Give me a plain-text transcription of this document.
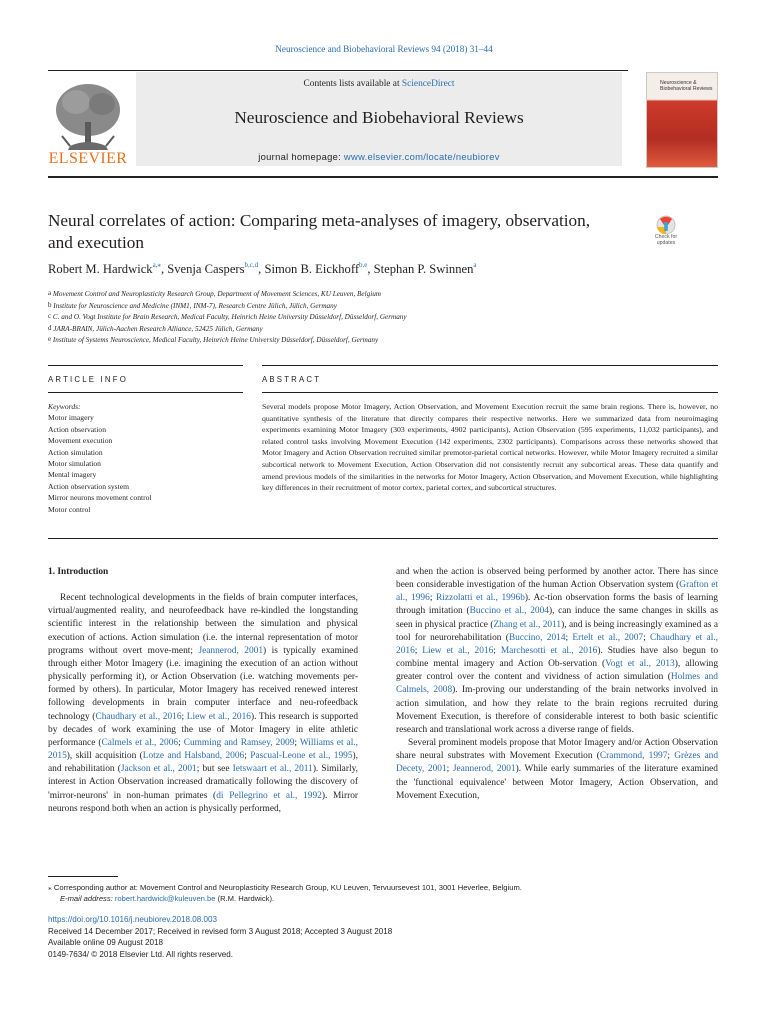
Neuroscience and Biobehavioral Reviews 94 (2018) 31–44
ELSEVIER
Contents lists available at ScienceDirect
Neuroscience and Biobehavioral Reviews
journal homepage: www.elsevier.com/locate/neubiorev
Neuroscience & Biobehavioral Reviews
Neural correlates of action: Comparing meta-analyses of imagery, observation, and execution	Check for updates
Robert M. Hardwick$^{a,⁎}$, Svenja Caspers$^{b,c,d}$, Simon B. Eickhoff$^{b,e}$, Stephan P. Swinnen$^a$
$^a$ Movement Control and Neuroplasticity Research Group, Department of Movement Sciences, KU Leuven, Belgium
$^b$ Institute for Neuroscience and Medicine (INM1, INM-7), Research Centre Jülich, Jülich, Germany
$^c$ C. and O. Vogt Institute for Brain Research, Medical Faculty, Heinrich Heine University Düsseldorf, Düsseldorf, Germany
$^d$ JARA-BRAIN, Jülich-Aachen Research Alliance, 52425 Jülich, Germany
$^e$ Institute of Systems Neuroscience, Medical Faculty, Heinrich Heine University Düsseldorf, Düsseldorf, Germany
ARTICLE INFO	ABSTRACT
Keywords:
Motor imagery
Action observation
Movement execution
Action simulation
Motor simulation
Mental imagery
Action observation system
Mirror neurons movement control
Motor control
Several models propose Motor Imagery, Action Observation, and Movement Execution recruit the same brain regions. There is, however, no quantitative synthesis of the literature that directly compares their respective networks. Here we summarized data from neuroimaging experiments examining Motor Imagery (303 experiments, 4902 participants), Action Observation (595 experiments, 11,032 participants), and related control tasks involving Movement Execution (142 experiments, 2302 participants). Comparisons across these networks showed that Motor Imagery and Action Observation recruited similar premotor-parietal cortical networks. However, while Motor Imagery recruited a similar subcortical network to Movement Execution, Action Observation did not consistently recruit any subcortical areas. These data quantify and amend previous models of the similarities in the networks for Motor Imagery, Action Observation, and Movement Execution, while highlighting key differences in their recruitment of motor cortex, parietal cortex, and subcortical structures.

1. Introduction

Recent technological developments in the fields of brain computer interfaces, virtual/augmented reality, and neurofeedback have re-kindled the longstanding scientific interest in the relationship between the simulation and physical execution of actions. Action simulation (i.e. the internal representation of motor programs without overt move-ment; Jeannerod, 2001) is typically examined through either Motor Imagery (i.e. imagining the execution of an action without physically performing it), or Action Observation (i.e. watching movements per-formed by others). In particular, Motor Imagery has received renewed interest following developments in brain computer interface and neu-rofeedback technology (Chaudhary et al., 2016; Liew et al., 2016). This research is supported by decades of work examining the use of Motor Imagery in elite athletic performance (Calmels et al., 2006; Cumming and Ramsey, 2009; Williams et al., 2015), skill acquisition (Lotze and Halsband, 2006; Pascual-Leone et al., 1995), and rehabilitation (Jackson et al., 2001; but see Ietswaart et al., 2011). Similarly, interest in Action Observation increased dramatically following the discovery of 'mirror-neurons' in non-human primates (di Pellegrino et al., 1992). Mirror neurons respond both when an action is physically performed,

and when the action is observed being performed by another actor. There has since been considerable investigation of the human Action Observation system (Grafton et al., 1996; Rizzolatti et al., 1996b). Ac-tion observation forms the basis of learning through imitation (Buccino et al., 2004), can induce the same changes in skills as seen in physical practice (Zhang et al., 2011), and is being increasingly examined as a tool for neurorehabilitation (Buccino, 2014; Ertelt et al., 2007; Chaudhary et al., 2016; Liew et al., 2016; Marchesotti et al., 2016). Studies have also begun to combine mental imagery and Action Ob-servation (Vogt et al., 2013), allowing greater control over the content and vividness of action simulation (Holmes and Calmels, 2008). Im-proving our understanding of the brain networks involved in action simulation, and how they relate to the brain regions recruited during Movement Execution, is therefore of considerable interest to both basic scientific research and translational work across a diverse range of fields.

Several prominent models propose that Motor Imagery and/or Action Observation share neural substrates with Movement Execution (Crammond, 1997; Grèzes and Decety, 2001; Jeannerod, 2001). While early summaries of the literature examined the 'functional equivalence' between Motor Imagery, Action Observation, and Movement Execution,

⁎ Corresponding author at: Movement Control and Neuroplasticity Research Group, KU Leuven, Tervuursevest 101, 3001 Heverlee, Belgium.
E-mail address: robert.hardwick@kuleuven.be (R.M. Hardwick).
https://doi.org/10.1016/j.neubiorev.2018.08.003
Received 14 December 2017; Received in revised form 3 August 2018; Accepted 3 August 2018
Available online 09 August 2018
0149-7634/ © 2018 Elsevier Ltd. All rights reserved.
